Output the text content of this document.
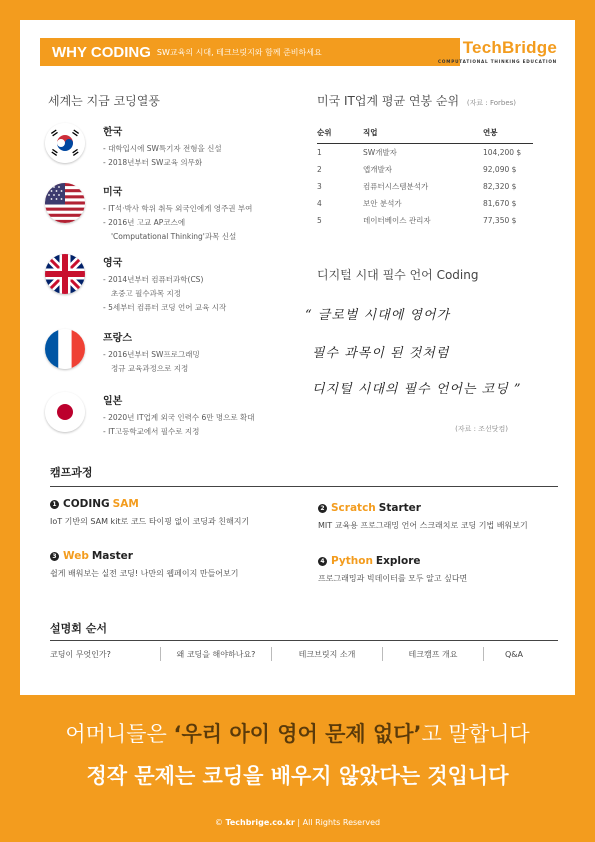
WHY CODING SW교육의 시대, 테크브릿지와 함께 준비하세요	TechBridge
COMPUTATIONAL THINKING EDUCATION
세계는 지금 코딩열풍
한국
- 대학입시에 SW특기자 전형을 신설
- 2018년부터 SW교육 의무화
미국
- IT석·박사 학위 취득 외국인에게 영주권 부여
- 2016년 고교 AP코스에
'Computational Thinking'과목 신설
영국
- 2014년부터 컴퓨터과학(CS)
초중고 필수과목 지정
- 5세부터 컴퓨터 코딩 언어 교육 시작
프랑스
- 2016년부터 SW프로그래밍
정규 교육과정으로 지정
일본
- 2020년 IT업계 외국 인력수 6만 명으로 확대
- IT고등학교에서 필수로 지정
미국 IT업계 평균 연봉 순위 (자료 : Forbes)
순위	직업	연봉
1	SW개발자	104,200 $
2	앱개발자	92,090 $
3	컴퓨터시스템분석가	82,320 $
4	보안 분석가	81,670 $
5	데이터베이스 관리자	77,350 $
디지털 시대 필수 언어 Coding
“ 글로벌 시대에 영어가
필수 과목이 된 것처럼
디지털 시대의 필수 언어는 코딩 ”
(자료 : 조선닷컴)
캠프과정
1 CODING SAM
IoT 기반의 SAM kit로 코드 타이핑 없이 코딩과 친해지기
2 Scratch Starter
MIT 교육용 프로그래밍 언어 스크래치로 코딩 기법 배워보기
3 Web Master
쉽게 배워보는 실전 코딩! 나만의 웹페이지 만들어보기
4 Python Explore
프로그래밍과 빅데이터를 모두 알고 싶다면
설명회 순서
코딩이 무엇인가?	왜 코딩을 해야하나요?	테크브릿지 소개	테크캠프 개요	Q&A
어머니들은 ‘우리 아이 영어 문제 없다’고 말합니다
정작 문제는 코딩을 배우지 않았다는 것입니다
© Techbrige.co.kr | All Rights Reserved
